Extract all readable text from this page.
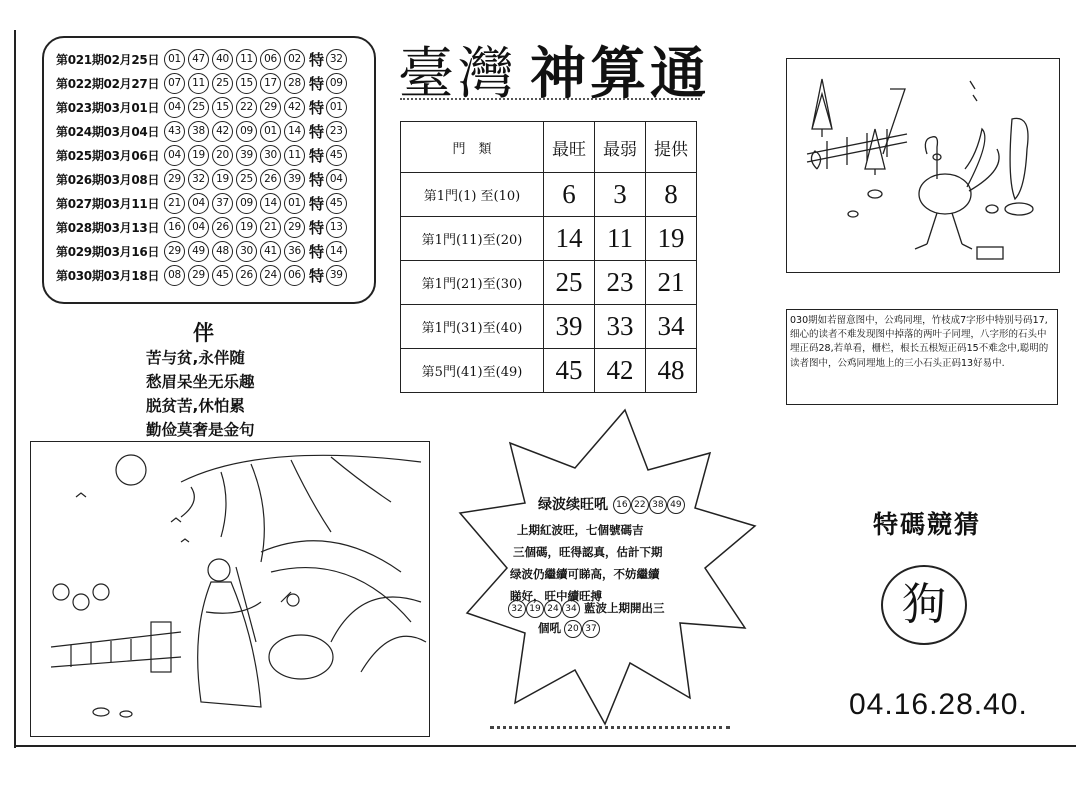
第021期02月25日 01	47	40	11	06	02 特 32
第022期02月27日 07	11	25	15	17	28 特 09
第023期03月01日 04	25	15	22	29	42 特 01
第024期03月04日 43	38	42	09	01	14 特 23
第025期03月06日 04	19	20	39	30	11 特 45
第026期03月08日 29	32	19	25	26	39 特 04
第027期03月11日 21	04	37	09	14	01 特 45
第028期03月13日 16	04	26	19	21	29 特 13
第029期03月16日 29	49	48	30	41	36 特 14
第030期03月18日 08	29	45	26	24	06 特 39
臺灣 神算通
門　類	最旺	最弱	提供
第1門(1) 至(10)	6	3	8
第1門(11)至(20)	14	11	19
第1門(21)至(30)	25	23	21
第1門(31)至(40)	39	33	34
第5門(41)至(49)	45	42	48
030期如若留意图中，公鸡同埋，竹枝成7字形中特别号码17,细心的读者不难发现图中掉落的两叶子同埋，八字形的石头中埋正码28,若单看，栅栏，根长五根短正码15不难念中,聪明的读者图中，公鸡同埋地上的三小石头正码13好易中.
伴
苦与贫,永伴随
愁眉呆坐无乐趣
脱贫苦,休怕累
勤俭莫奢是金句
绿波续旺吼 16 22 38 49
上期紅波旺，七個號碼吉
三個碼，旺得認真，估計下期
绿波仍繼續可睇高，不妨繼續
睇好，旺中續旺搏
32 19 24 34 藍波上期開出三
個吼 20 37
特碼競猜
狗
04.16.28.40.
